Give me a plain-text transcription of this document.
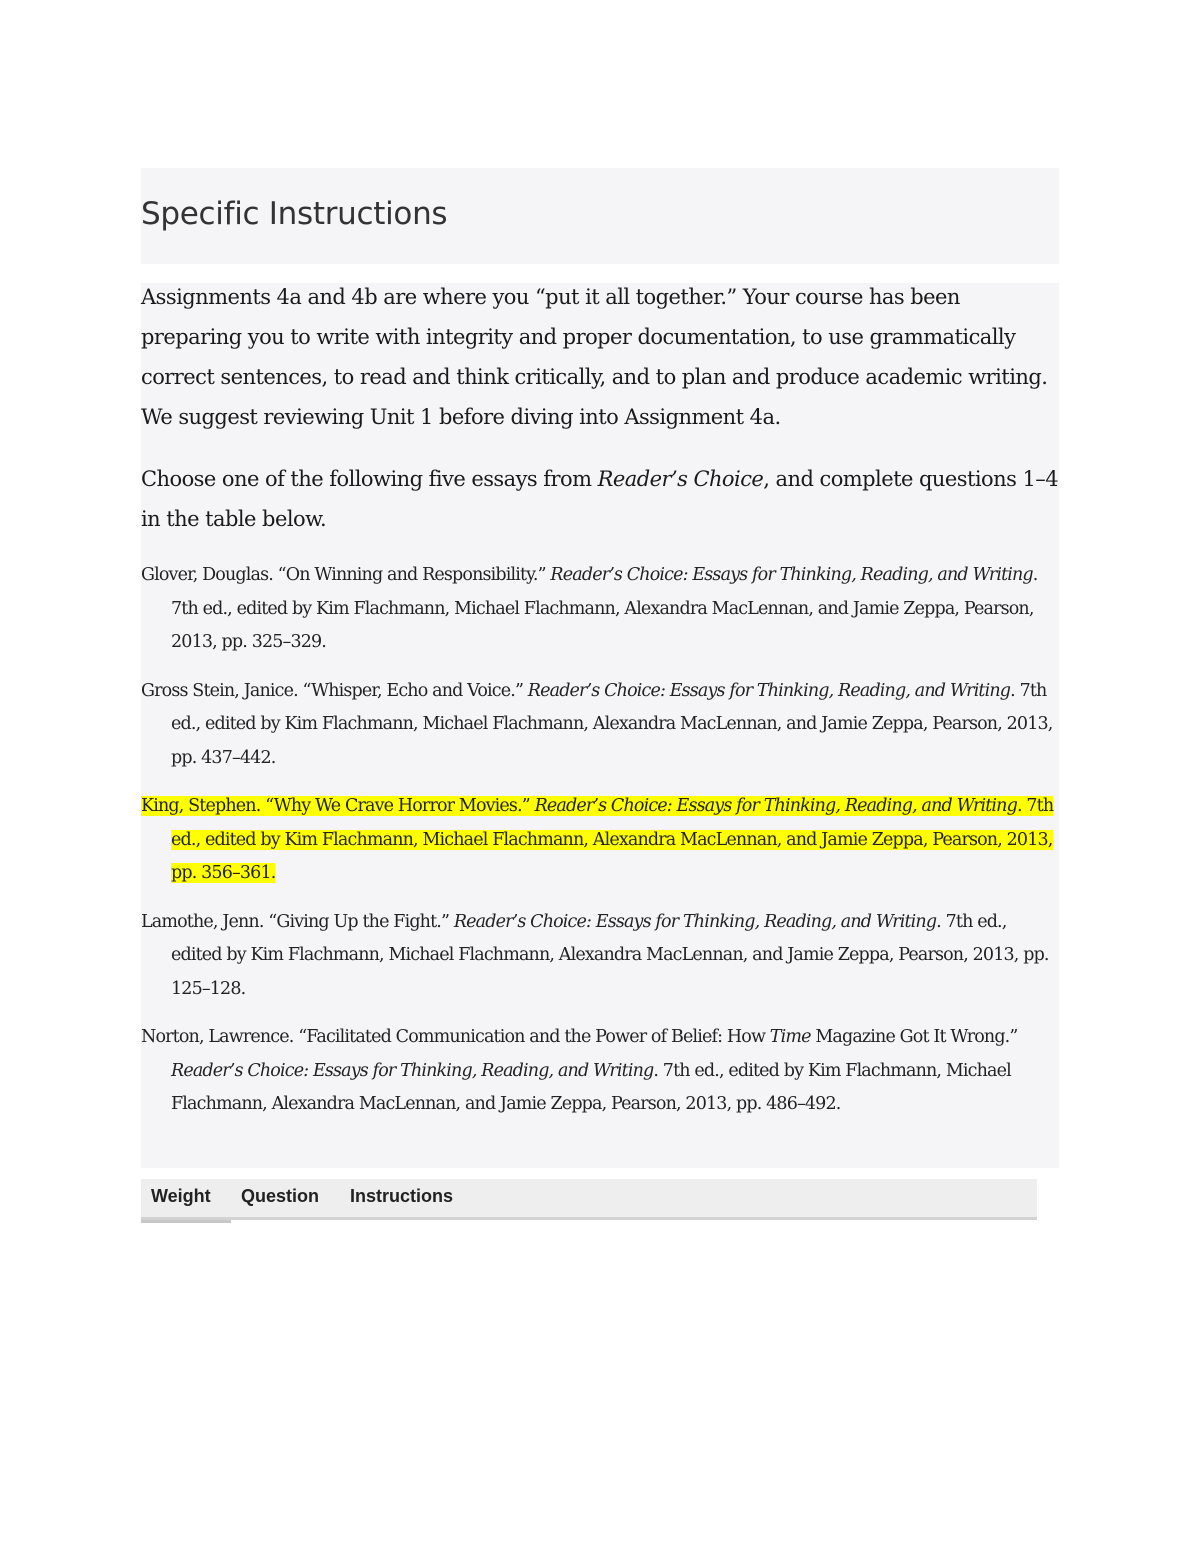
Specific Instructions

Assignments 4a and 4b are where you “put it all together.” Your course has been preparing you to write with integrity and proper documentation, to use grammatically correct sentences, to read and think critically, and to plan and produce academic writing. We suggest reviewing Unit 1 before diving into Assignment 4a.

Choose one of the following five essays from Reader’s Choice, and complete questions 1–4 in the table below.

Glover, Douglas. “On Winning and Responsibility.” Reader’s Choice: Essays for Thinking, Reading, and Writing. 7th ed., edited by Kim Flachmann, Michael Flachmann, Alexandra MacLennan, and Jamie Zeppa, Pearson, 2013, pp. 325–329.
Gross Stein, Janice. “Whisper, Echo and Voice.” Reader’s Choice: Essays for Thinking, Reading, and Writing. 7th ed., edited by Kim Flachmann, Michael Flachmann, Alexandra MacLennan, and Jamie Zeppa, Pearson, 2013, pp. 437–442.
King, Stephen. “Why We Crave Horror Movies.” Reader’s Choice: Essays for Thinking, Reading, and Writing. 7th ed., edited by Kim Flachmann, Michael Flachmann, Alexandra MacLennan, and Jamie Zeppa, Pearson, 2013, pp. 356–361.
Lamothe, Jenn. “Giving Up the Fight.” Reader’s Choice: Essays for Thinking, Reading, and Writing. 7th ed., edited by Kim Flachmann, Michael Flachmann, Alexandra MacLennan, and Jamie Zeppa, Pearson, 2013, pp. 125–128.
Norton, Lawrence. “Facilitated Communication and the Power of Belief: How Time Magazine Got It Wrong.” Reader’s Choice: Essays for Thinking, Reading, and Writing. 7th ed., edited by Kim Flachmann, Michael Flachmann, Alexandra MacLennan, and Jamie Zeppa, Pearson, 2013, pp. 486–492.
Weight Question Instructions
